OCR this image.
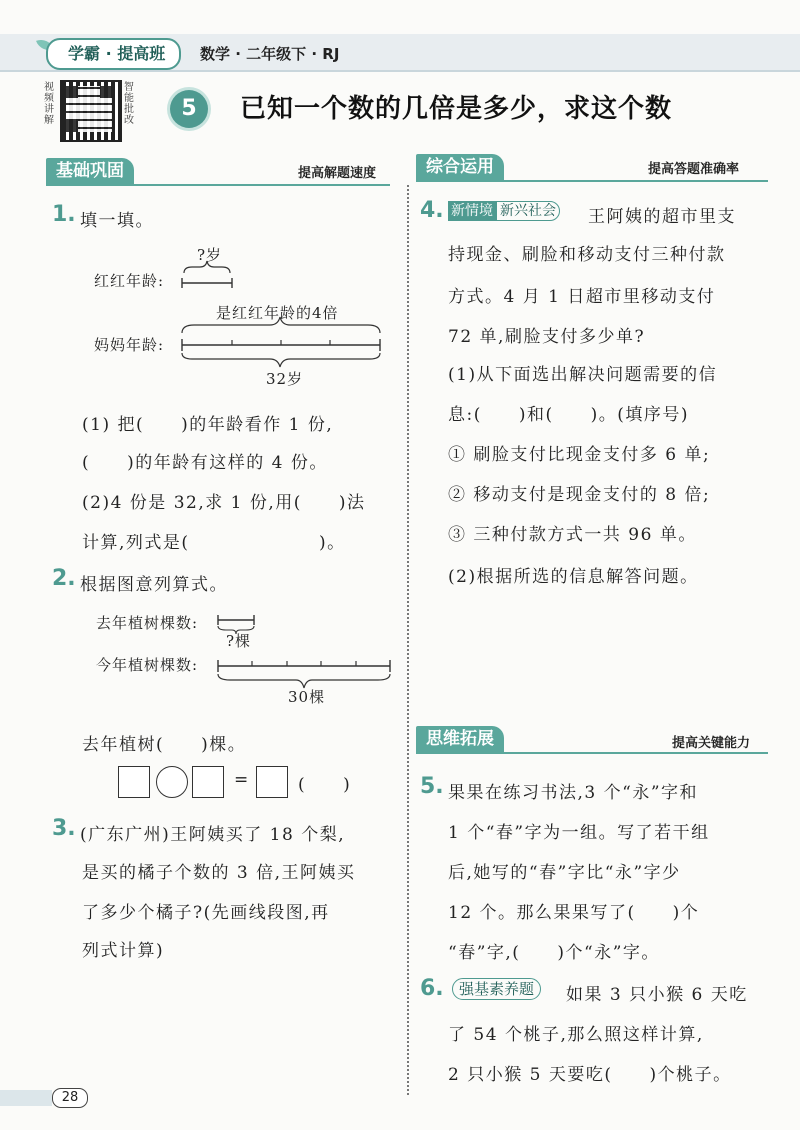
学霸 · 提高班	数学 · 二年级下 · RJ
视频讲解
智能批改	5	已知一个数的几倍是多少，求这个数
基础巩固	提高解题速度	综合运用	提高答题准确率
1. 填一填。
?岁
红红年龄:
是红红年龄的4倍
妈妈年龄:
32岁
(1) 把(　　)的年龄看作 1 份,
(　　)的年龄有这样的 4 份。
(2)4 份是 32,求 1 份,用(　　)法
计算,列式是(　　　　　　　)。
2. 根据图意列算式。
去年植树棵数:
?棵
今年植树棵数:
30棵
去年植树(　　)棵。
=	(　　)
3. (广东广州)王阿姨买了 18 个梨,
是买的橘子个数的 3 倍,王阿姨买
了多少个橘子?(先画线段图,再
列式计算)
4. 新情境 新兴社会 王阿姨的超市里支
持现金、刷脸和移动支付三种付款
方式。4 月 1 日超市里移动支付
72 单,刷脸支付多少单?
(1)从下面选出解决问题需要的信
息:(　　)和(　　)。(填序号)
① 刷脸支付比现金支付多 6 单;
② 移动支付是现金支付的 8 倍;
③ 三种付款方式一共 96 单。
(2)根据所选的信息解答问题。
思维拓展	提高关键能力
5. 果果在练习书法,3 个“永”字和
1 个“春”字为一组。写了若干组
后,她写的“春”字比“永”字少
12 个。那么果果写了(　　)个
“春”字,(　　)个“永”字。
6.	强基素养题	如果 3 只小猴 6 天吃
了 54 个桃子,那么照这样计算,
2 只小猴 5 天要吃(　　)个桃子。
28
